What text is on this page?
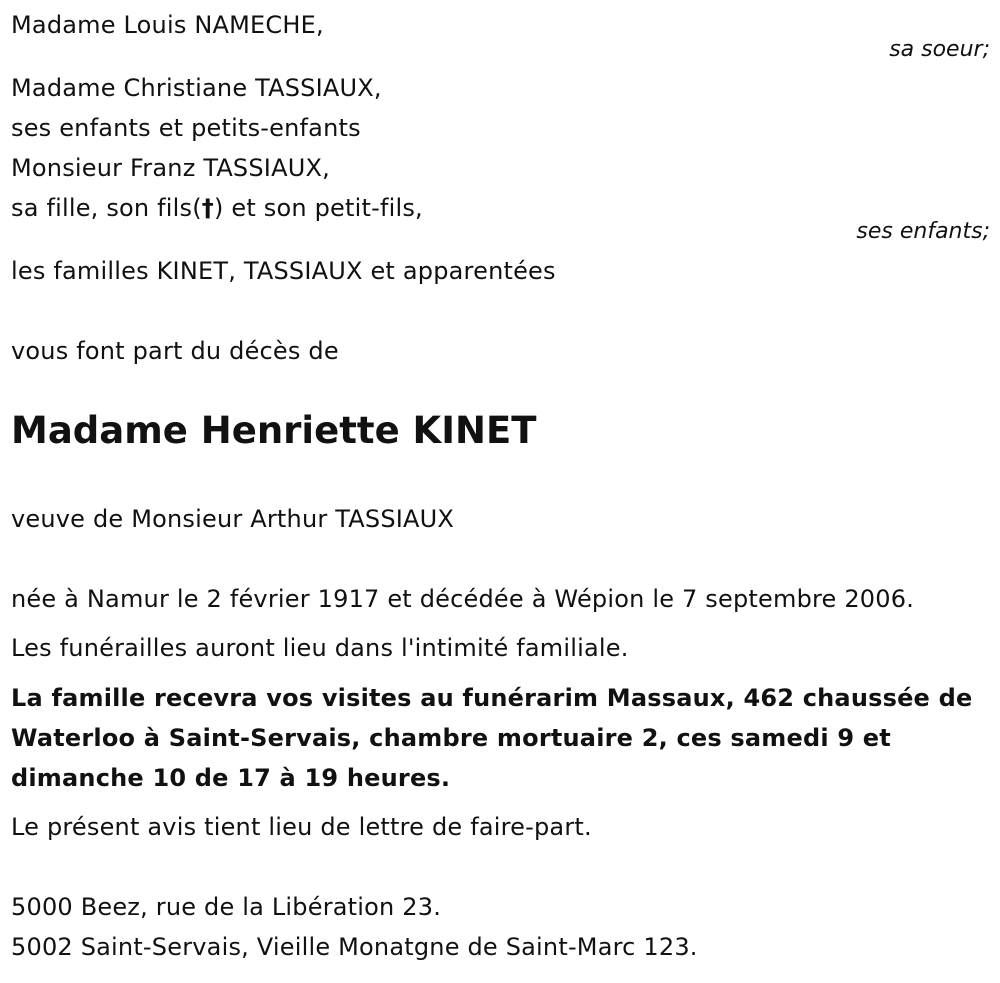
Madame Louis NAMECHE,
sa soeur;
Madame Christiane TASSIAUX,
ses enfants et petits-enfants
Monsieur Franz TASSIAUX,
sa fille, son fils(†) et son petit-fils,
ses enfants;
les familles KINET, TASSIAUX et apparentées
vous font part du décès de
Madame Henriette KINET
veuve de Monsieur Arthur TASSIAUX
née à Namur le 2 février 1917 et décédée à Wépion le 7 septembre 2006.
Les funérailles auront lieu dans l'intimité familiale.
La famille recevra vos visites au funérarim Massaux, 462 chaussée de
Waterloo à Saint-Servais, chambre mortuaire 2, ces samedi 9 et
dimanche 10 de 17 à 19 heures.
Le présent avis tient lieu de lettre de faire-part.
5000 Beez, rue de la Libération 23.
5002 Saint-Servais, Vieille Monatgne de Saint-Marc 123.
